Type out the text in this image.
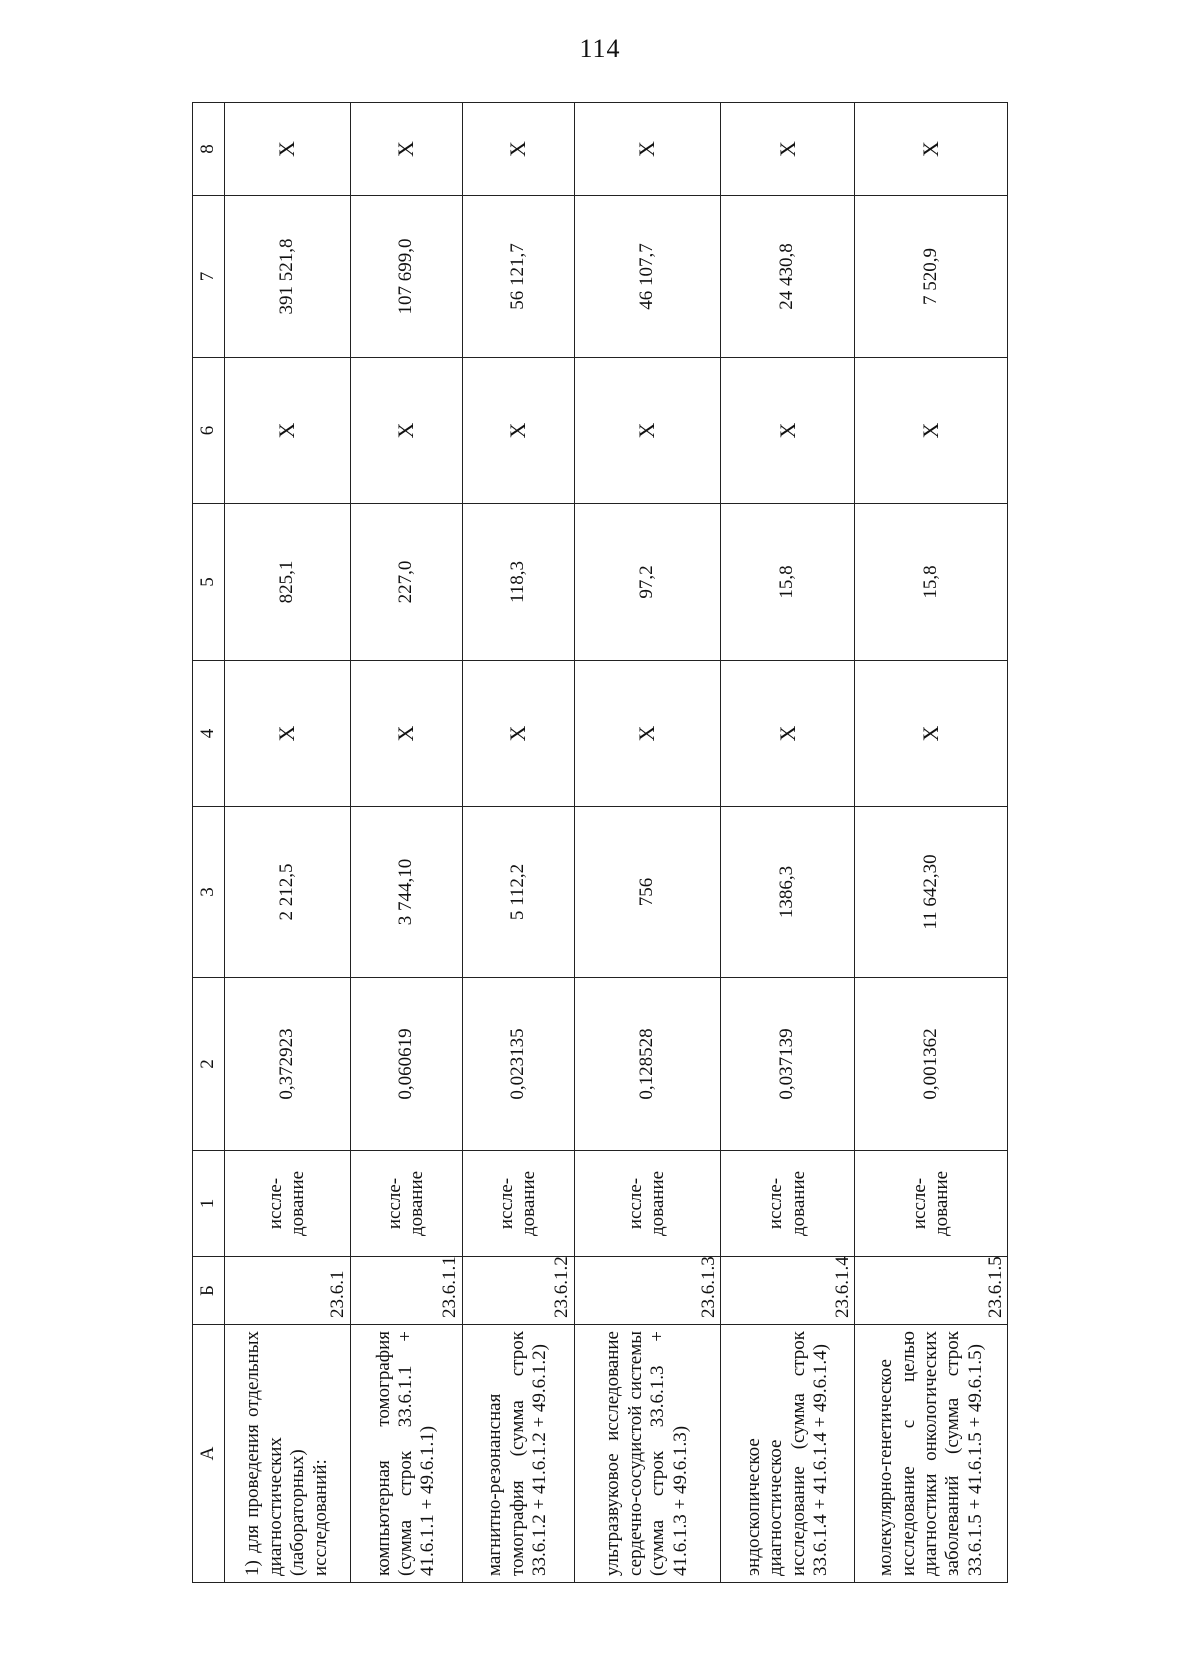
114
А	Б	1	2	3	4	5	6	7	8
1) для проведения отдельных диагностических (лабораторных) исследований:	23.6.1	иссле-дование	0,372923	2 212,5	Х	825,1	Х	391 521,8	Х
компьютерная томография (сумма строк 33.6.1.1 + 41.6.1.1 + 49.6.1.1)	23.6.1.1	иссле-дование	0,060619	3 744,10	Х	227,0	Х	107 699,0	Х
магнитно-резонансная томография (сумма строк 33.6.1.2 + 41.6.1.2 + 49.6.1.2)	23.6.1.2	иссле-дование	0,023135	5 112,2	Х	118,3	Х	56 121,7	Х
ультразвуковое исследование сердечно-сосудистой системы (сумма строк 33.6.1.3 + 41.6.1.3 + 49.6.1.3)	23.6.1.3	иссле-дование	0,128528	756	Х	97,2	Х	46 107,7	Х
эндоскопическое диагностическое исследование (сумма строк 33.6.1.4 + 41.6.1.4 + 49.6.1.4)	23.6.1.4	иссле-дование	0,037139	1386,3	Х	15,8	Х	24 430,8	Х
молекулярно-генетическое исследование с целью диагностики онкологических заболеваний (сумма строк 33.6.1.5 + 41.6.1.5 + 49.6.1.5)	23.6.1.5	иссле-дование	0,001362	11 642,30	Х	15,8	Х	7 520,9	Х
